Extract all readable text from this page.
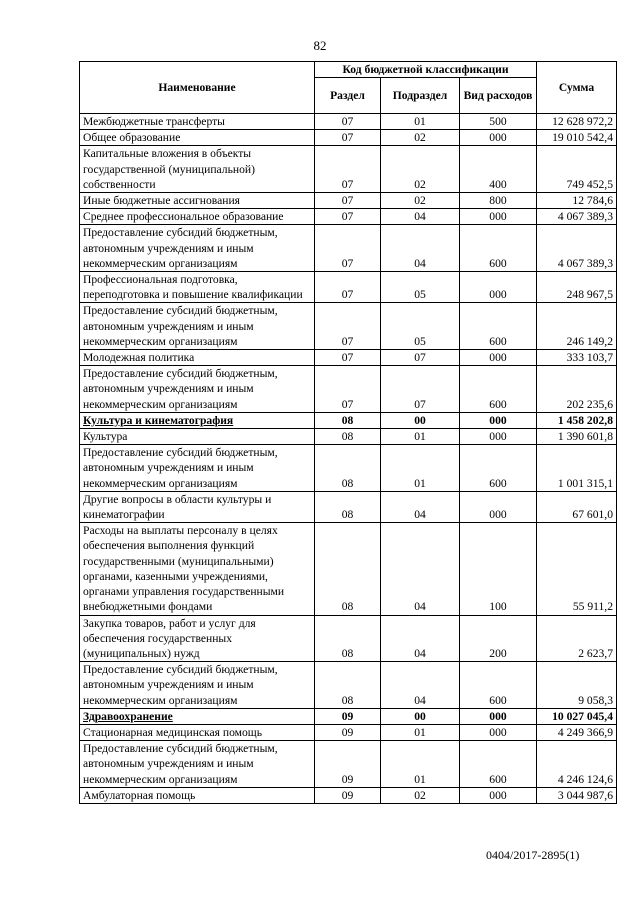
82
Наименование	Код бюджетной классификации			Сумма
	Раздел	Подраздел	Вид расходов	
Межбюджетные трансферты	07	01	500	12 628 972,2
Общее образование	07	02	000	19 010 542,4
Капитальные вложения в объекты государственной (муниципальной) собственности	07	02	400	749 452,5
Иные бюджетные ассигнования	07	02	800	12 784,6
Среднее профессиональное образование	07	04	000	4 067 389,3
Предоставление субсидий бюджетным, автономным учреждениям и иным некоммерческим организациям	07	04	600	4 067 389,3
Профессиональная подготовка, переподготовка и повышение квалификации	07	05	000	248 967,5
Предоставление субсидий бюджетным, автономным учреждениям и иным некоммерческим организациям	07	05	600	246 149,2
Молодежная политика	07	07	000	333 103,7
Предоставление субсидий бюджетным, автономным учреждениям и иным некоммерческим организациям	07	07	600	202 235,6
Культура и кинематография	08	00	000	1 458 202,8
Культура	08	01	000	1 390 601,8
Предоставление субсидий бюджетным, автономным учреждениям и иным некоммерческим организациям	08	01	600	1 001 315,1
Другие вопросы в области культуры и кинематографии	08	04	000	67 601,0
Расходы на выплаты персоналу в целях обеспечения выполнения функций государственными (муниципальными) органами, казенными учреждениями, органами управления государственными внебюджетными фондами	08	04	100	55 911,2
Закупка товаров, работ и услуг для обеспечения государственных (муниципальных) нужд	08	04	200	2 623,7
Предоставление субсидий бюджетным, автономным учреждениям и иным некоммерческим организациям	08	04	600	9 058,3
Здравоохранение	09	00	000	10 027 045,4
Стационарная медицинская помощь	09	01	000	4 249 366,9
Предоставление субсидий бюджетным, автономным учреждениям и иным некоммерческим организациям	09	01	600	4 246 124,6
Амбулаторная помощь	09	02	000	3 044 987,6
0404/2017-2895(1)
